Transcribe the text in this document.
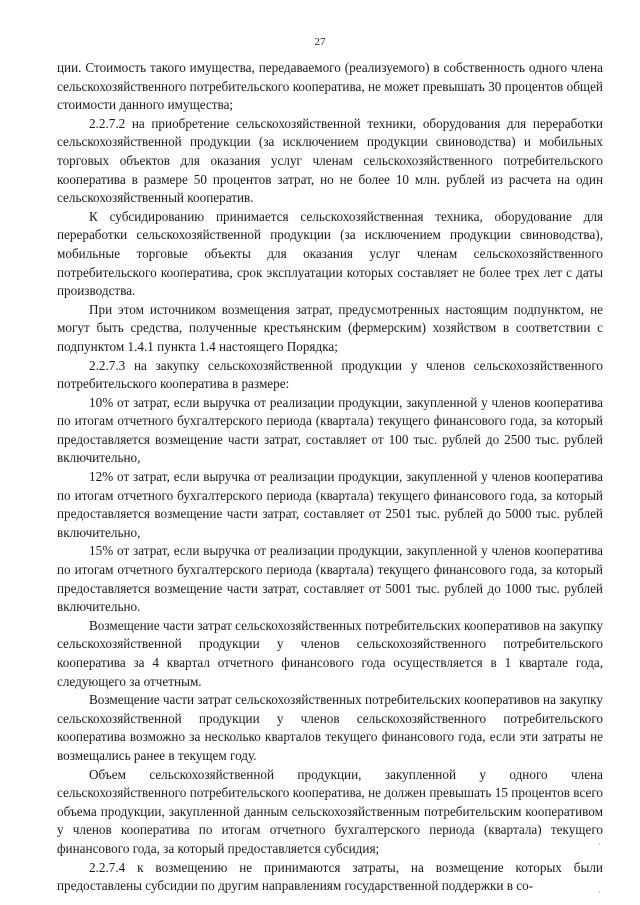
27

ции. Стоимость такого имущества, передаваемого (реализуемого) в собственность одного члена сельскохозяйственного потребительского кооператива, не может превышать 30 процентов общей стоимости данного имущества;

2.2.7.2 на приобретение сельскохозяйственной техники, оборудования для переработки сельскохозяйственной продукции (за исключением продукции свиноводства) и мобильных торговых объектов для оказания услуг членам сельскохозяйственного потребительского кооператива в размере 50 процентов затрат, но не более 10 млн. рублей из расчета на один сельскохозяйственный кооператив.

К субсидированию принимается сельскохозяйственная техника, оборудование для переработки сельскохозяйственной продукции (за исключением продукции свиноводства), мобильные торговые объекты для оказания услуг членам сельскохозяйственного потребительского кооператива, срок эксплуатации которых составляет не более трех лет с даты производства.

При этом источником возмещения затрат, предусмотренных настоящим подпунктом, не могут быть средства, полученные крестьянским (фермерским) хозяйством в соответствии с подпунктом 1.4.1 пункта 1.4 настоящего Порядка;

2.2.7.3 на закупку сельскохозяйственной продукции у членов сельскохозяйственного потребительского кооператива в размере:

10% от затрат, если выручка от реализации продукции, закупленной у членов кооператива по итогам отчетного бухгалтерского периода (квартала) текущего финансового года, за который предоставляется возмещение части затрат, составляет от 100 тыс. рублей до 2500 тыс. рублей включительно,

12% от затрат, если выручка от реализации продукции, закупленной у членов кооператива по итогам отчетного бухгалтерского периода (квартала) текущего финансового года, за который предоставляется возмещение части затрат, составляет от 2501 тыс. рублей до 5000 тыс. рублей включительно,

15% от затрат, если выручка от реализации продукции, закупленной у членов кооператива по итогам отчетного бухгалтерского периода (квартала) текущего финансового года, за который предоставляется возмещение части затрат, составляет от 5001 тыс. рублей до 1000 тыс. рублей включительно.

Возмещение части затрат сельскохозяйственных потребительских кооперативов на закупку сельскохозяйственной продукции у членов сельскохозяйственного потребительского кооператива за 4 квартал отчетного финансового года осуществляется в 1 квартале года, следующего за отчетным.

Возмещение части затрат сельскохозяйственных потребительских кооперативов на закупку сельскохозяйственной продукции у членов сельскохозяйственного потребительского кооператива возможно за несколько кварталов текущего финансового года, если эти затраты не возмещались ранее в текущем году.

Объем сельскохозяйственной продукции, закупленной у одного члена сельскохозяйственного потребительского кооператива, не должен превышать 15 процентов всего объема продукции, закупленной данным сельскохозяйственным потребительским кооперативом у членов кооператива по итогам отчетного бухгалтерского периода (квартала) текущего финансового года, за который предоставляется субсидия;

2.2.7.4 к возмещению не принимаются затраты, на возмещение которых были предоставлены субсидии по другим направлениям государственной поддержки в со-

·
·
